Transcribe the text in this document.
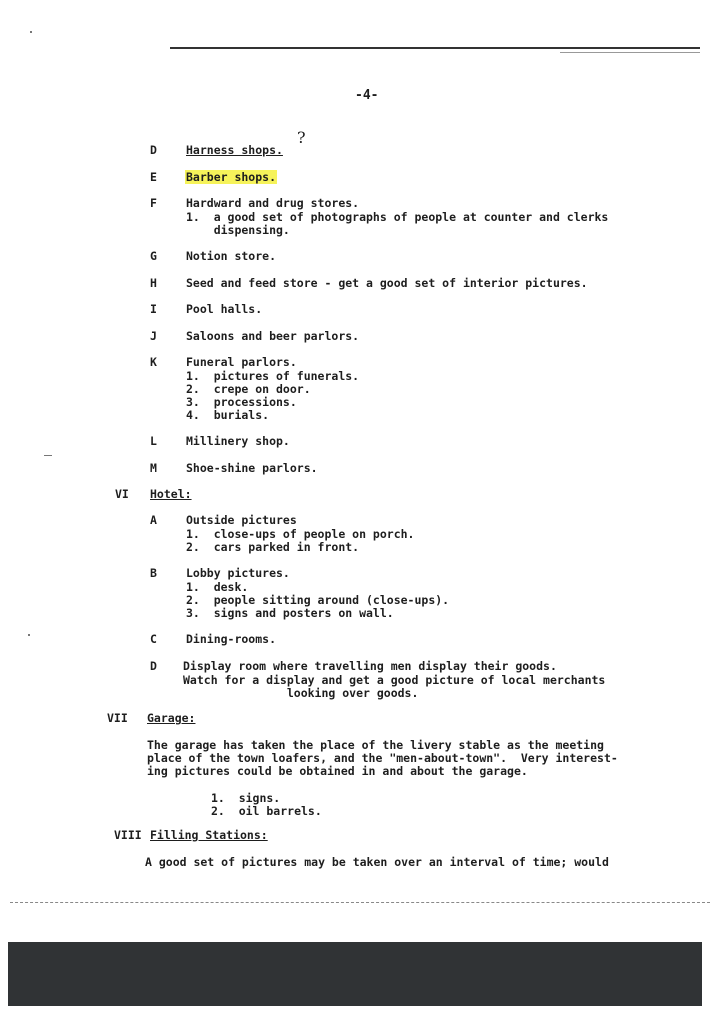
-4-
?
D	Harness shops.
E	Barber shops.
F	Hardward and drug stores.
1.  a good set of photographs of people at counter and clerks
dispensing.
G	Notion store.
H	Seed and feed store - get a good set of interior pictures.
I	Pool halls.
J	Saloons and beer parlors.
K	Funeral parlors.
1.  pictures of funerals.
2.  crepe on door.
3.  processions.
4.  burials.
L	Millinery shop.
M	Shoe-shine parlors.
VI Hotel:
A	Outside pictures
1.  close-ups of people on porch.
2.  cars parked in front.
B	Lobby pictures.
1.  desk.
2.  people sitting around (close-ups).
3.  signs and posters on wall.
C	Dining-rooms.
D Display room where travelling men display their goods.
Watch for a display and get a good picture of local merchants
looking over goods.
VII Garage:
The garage has taken the place of the livery stable as the meeting
place of the town loafers, and the "men-about-town".  Very interest-
ing pictures could be obtained in and about the garage.
1.  signs.
2.  oil barrels.
VIII Filling Stations:
A good set of pictures may be taken over an interval of time; would
